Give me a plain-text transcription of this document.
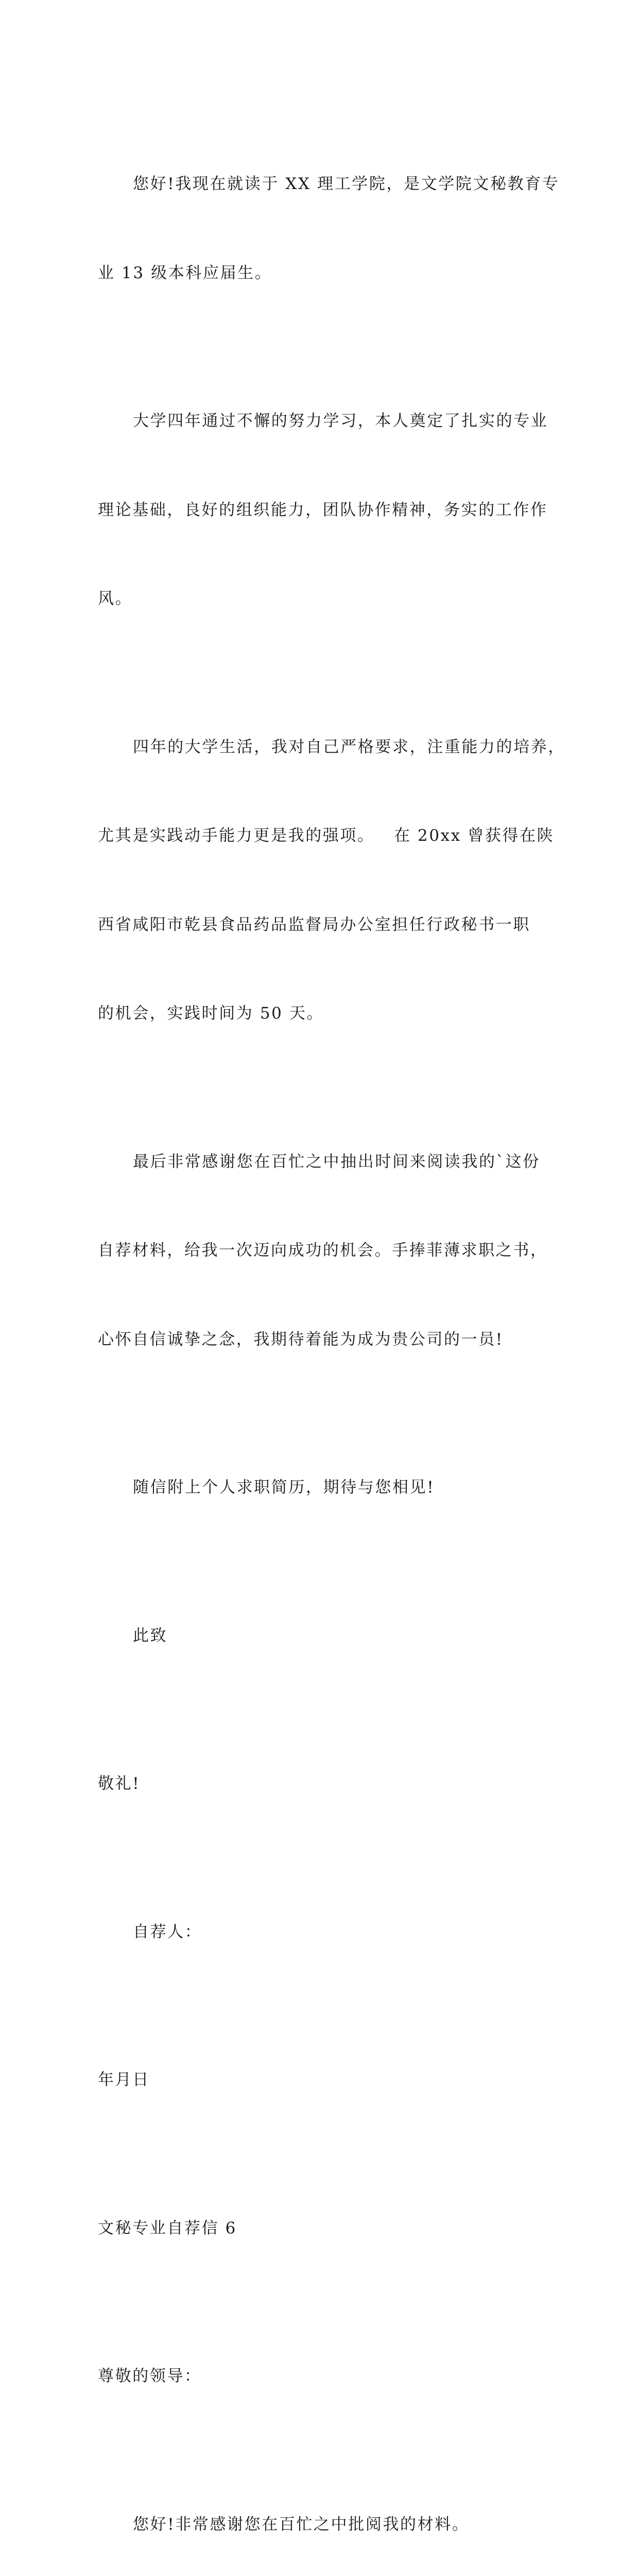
您好!我现在就读于 XX 理工学院，是文学院文秘教育专

业 13 级本科应届生。

大学四年通过不懈的努力学习，本人奠定了扎实的专业

理论基础，良好的组织能力，团队协作精神，务实的工作作

风。

四年的大学生活，我对自己严格要求，注重能力的培养，

尤其是实践动手能力更是我的强项。   在 20xx 曾获得在陕

西省咸阳市乾县食品药品监督局办公室担任行政秘书一职

的机会，实践时间为 50 天。

最后非常感谢您在百忙之中抽出时间来阅读我的`这份

自荐材料，给我一次迈向成功的机会。手捧菲薄求职之书，

心怀自信诚挚之念，我期待着能为成为贵公司的一员!

随信附上个人求职简历，期待与您相见!

此致

敬礼!

自荐人：

年月日

文秘专业自荐信 6

尊敬的领导：

您好!非常感谢您在百忙之中批阅我的材料。
